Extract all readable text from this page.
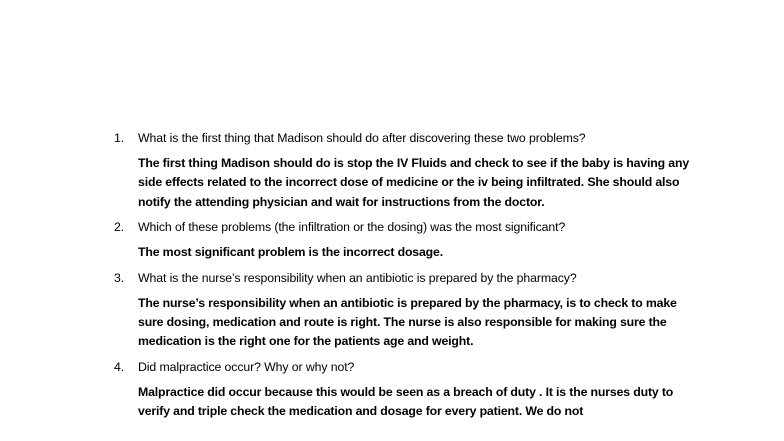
1.	What is the first thing that Madison should do after discovering these two problems?

The first thing Madison should do is stop the IV Fluids and check to see if the baby is having any side effects related to the incorrect dose of medicine or the iv being infiltrated. She should also notify the attending physician and wait for instructions from the doctor.

2.	Which of these problems (the infiltration or the dosing) was the most significant?

The most significant problem is the incorrect dosage.

3.	What is the nurse’s responsibility when an antibiotic is prepared by the pharmacy?

The nurse’s responsibility when an antibiotic is prepared by the pharmacy, is to check to make sure dosing, medication and route is right. The nurse is also responsible for making sure the medication is the right one for the patients age and weight.

4.	Did malpractice occur? Why or why not?

Malpractice did occur because this would be seen as a breach of duty . It is the nurses duty to verify and triple check the medication and dosage for every patient. We do not
